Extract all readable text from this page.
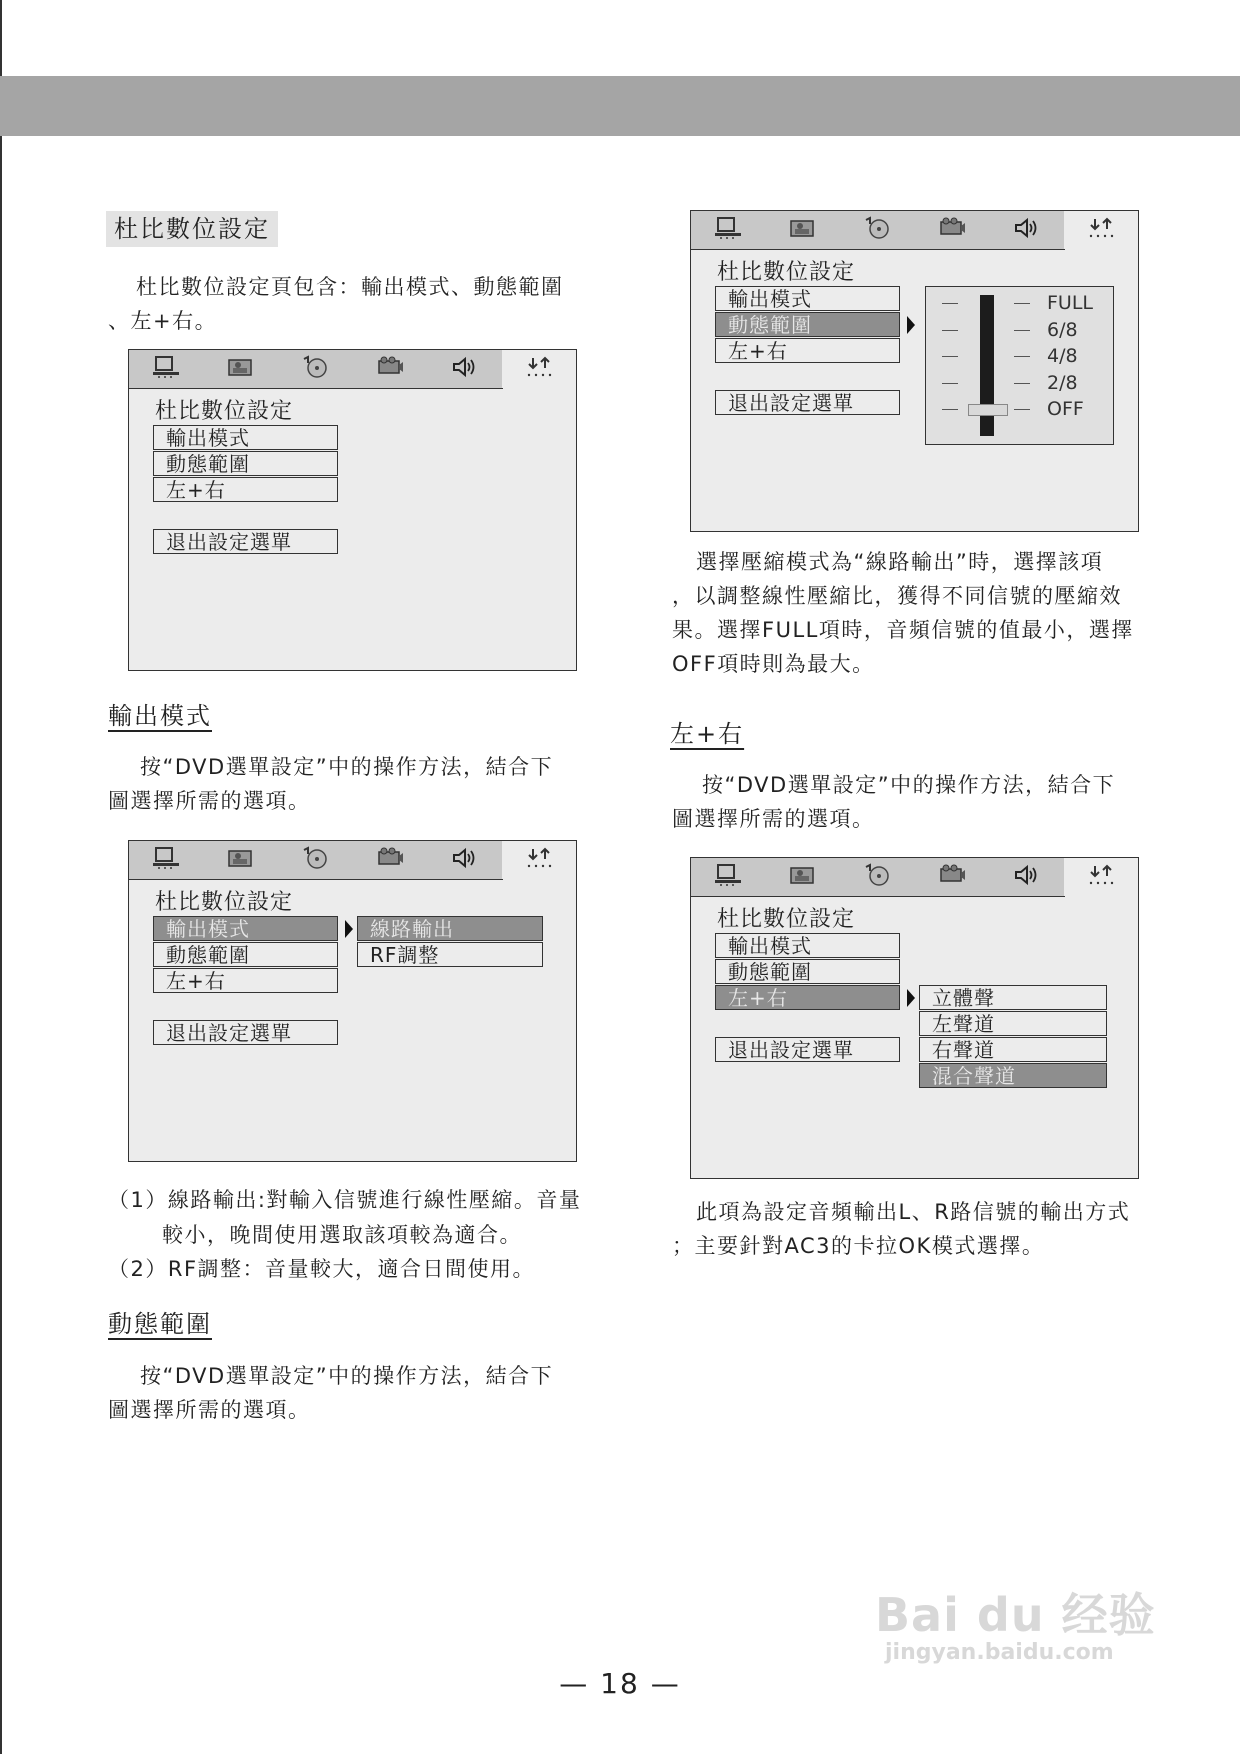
杜比數位設定
杜比數位設定頁包含：輸出模式、動態範圍
、左+右。
杜比數位設定
輸出模式
動態範圍
左+右
退出設定選單
輸出模式
按“DVD選單設定”中的操作方法，結合下
圖選擇所需的選項。
杜比數位設定
輸出模式
動態範圍
左+右
退出設定選單
線路輸出
RF調整
（1）線路輸出:對輸入信號進行線性壓縮。音量
較小，晚間使用選取該項較為適合。
（2）RF調整：音量較大，適合日間使用。
動態範圍
按“DVD選單設定”中的操作方法，結合下
圖選擇所需的選項。
杜比數位設定
輸出模式
動態範圍
左+右
退出設定選單
FULL
6/8
4/8
2/8
OFF
選擇壓縮模式為“線路輸出”時，選擇該項
，以調整線性壓縮比，獲得不同信號的壓縮效
果。選擇FULL項時，音頻信號的值最小，選擇
OFF項時則為最大。
左+右
按“DVD選單設定”中的操作方法，結合下
圖選擇所需的選項。
杜比數位設定
輸出模式
動態範圍
左+右
退出設定選單
立體聲
左聲道
右聲道
混合聲道
此項為設定音頻輸出L、R路信號的輸出方式
；主要針對AC3的卡拉OK模式選擇。
— 18 —
Bai du 经验
jingyan.baidu.com
